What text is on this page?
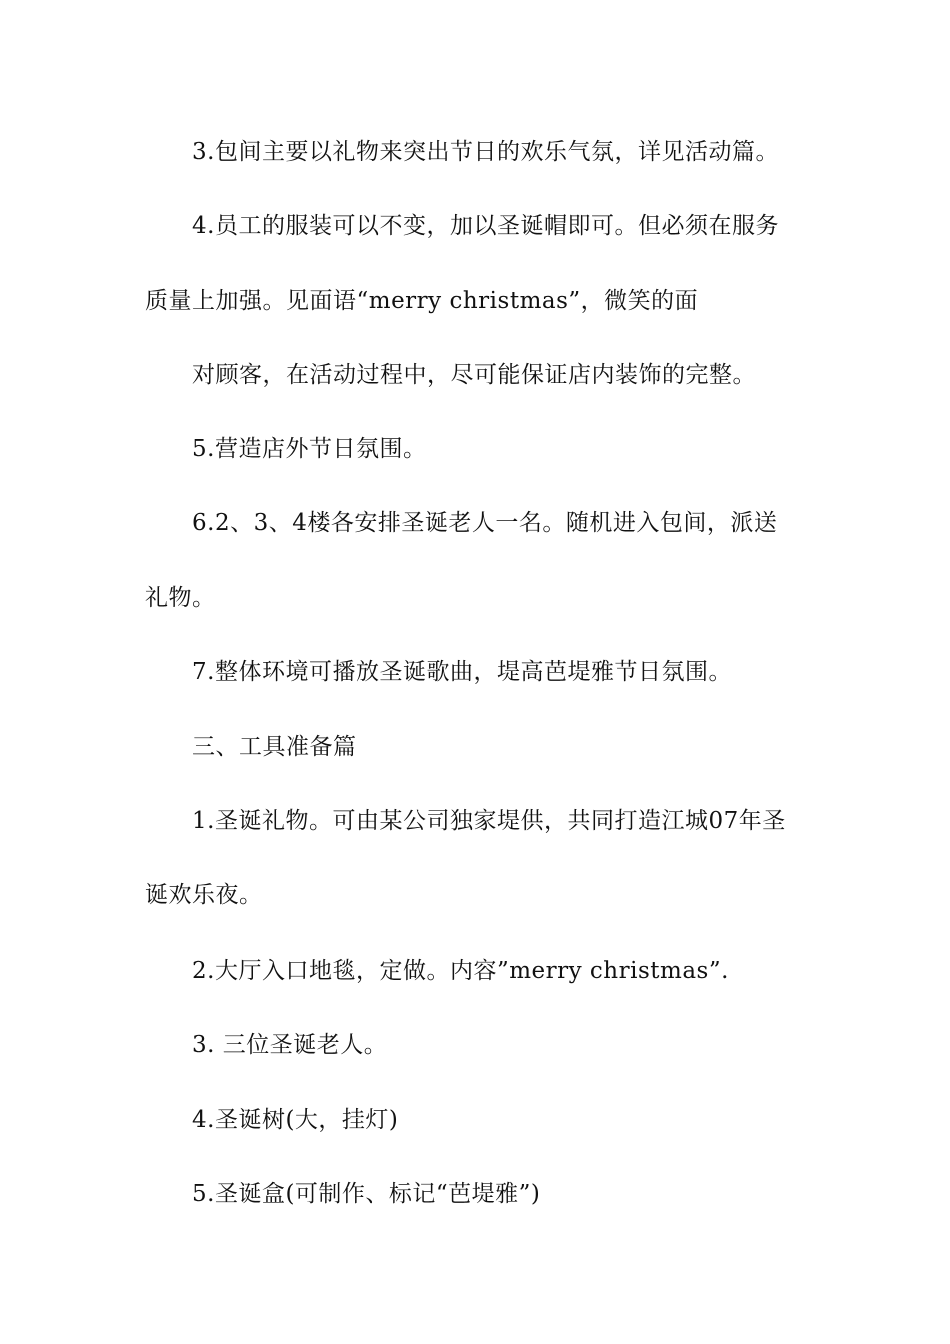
3.包间主要以礼物来突出节日的欢乐气氛，详见活动篇。
4.员工的服装可以不变，加以圣诞帽即可。但必须在服务
质量上加强。见面语“merry christmas”，微笑的面
对顾客，在活动过程中，尽可能保证店内装饰的完整。
5.营造店外节日氛围。
6.2、3、4楼各安排圣诞老人一名。随机进入包间，派送
礼物。
7.整体环境可播放圣诞歌曲，堤高芭堤雅节日氛围。
三、工具准备篇
1.圣诞礼物。可由某公司独家堤供，共同打造江城07年圣
诞欢乐夜。
2.大厅入口地毯，定做。内容”merry christmas”.
3. 三位圣诞老人。
4.圣诞树(大，挂灯)
5.圣诞盒(可制作、标记“芭堤雅”)
